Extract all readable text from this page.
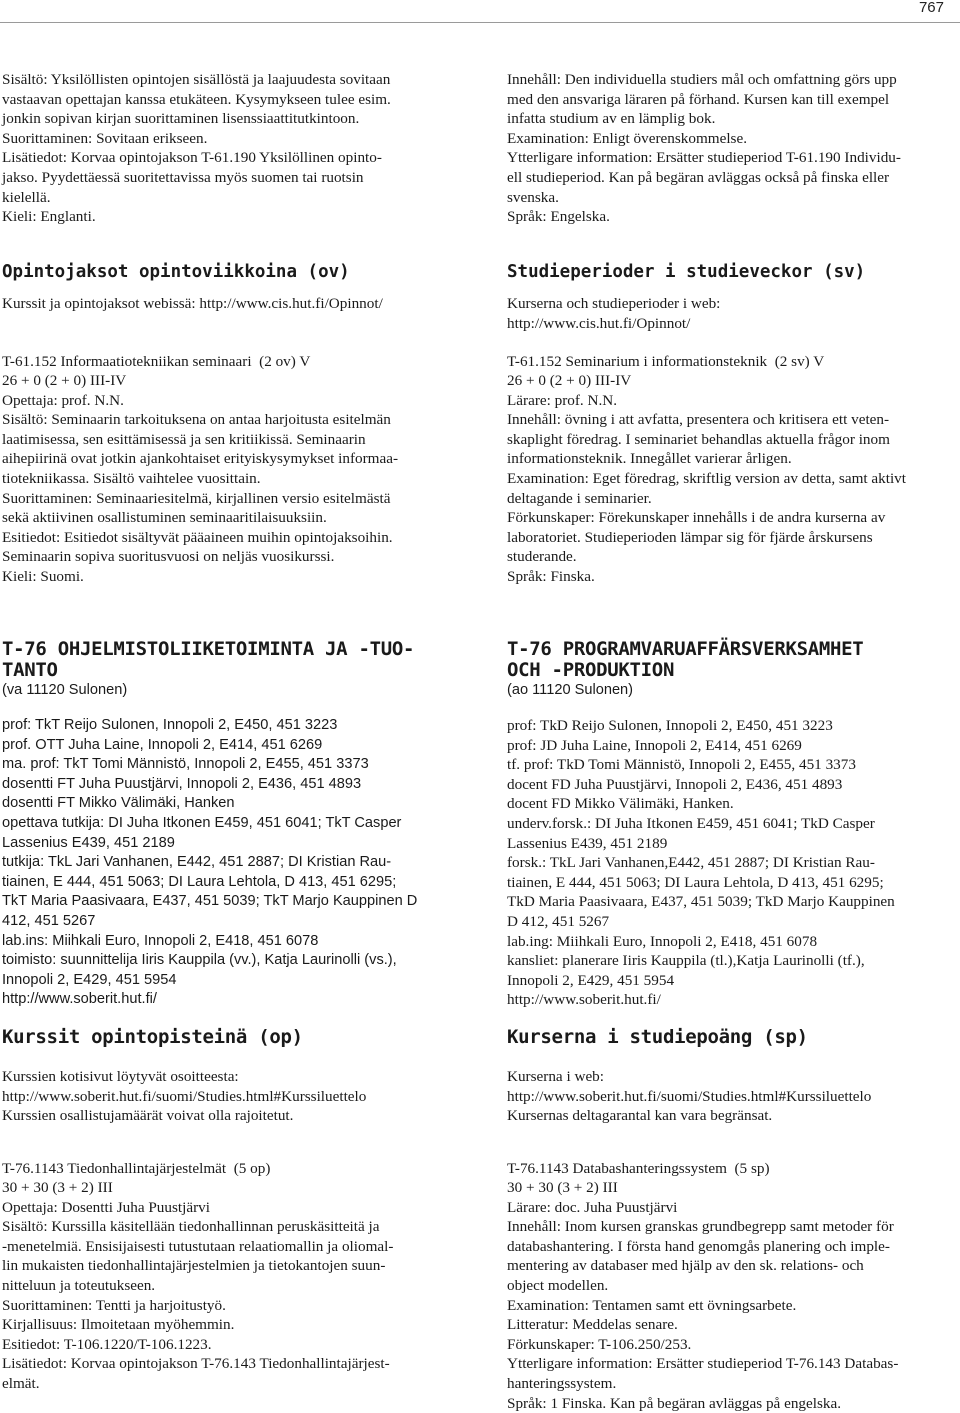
767

Sisältö: Yksilöllisten opintojen sisällöstä ja laajuudesta sovitaan

vastaavan opettajan kanssa etukäteen. Kysymykseen tulee esim.

jonkin sopivan kirjan suorittaminen lisenssiaattitutkintoon.

Suorittaminen: Sovitaan erikseen.

Lisätiedot: Korvaa opintojakson T-61.190 Yksilöllinen opinto-

jakso. Pyydettäessä suoritettavissa myös suomen tai ruotsin

kielellä.

Kieli: Englanti.

Opintojaksot opintoviikkoina (ov)

Kurssit ja opintojaksot webissä: http://www.cis.hut.fi/Opinnot/

T-61.152 Informaatiotekniikan seminaari (2 ov) V

26 + 0 (2 + 0) III-IV

Opettaja: prof. N.N.

Sisältö: Seminaarin tarkoituksena on antaa harjoitusta esitelmän

laatimisessa, sen esittämisessä ja sen kritiikissä. Seminaarin

aihepiirinä ovat jotkin ajankohtaiset erityiskysymykset informaa-

tiotekniikassa. Sisältö vaihtelee vuosittain.

Suorittaminen: Seminaariesitelmä, kirjallinen versio esitelmästä

sekä aktiivinen osallistuminen seminaaritilaisuuksiin.

Esitiedot: Esitiedot sisältyvät pääaineen muihin opintojaksoihin.

Seminaarin sopiva suoritusvuosi on neljäs vuosikurssi.

Kieli: Suomi.

T-76 OHJELMISTOLIIKETOIMINTA JA -TUO-
TANTO

(va 11120 Sulonen)

prof: TkT Reijo Sulonen, Innopoli 2, E450, 451 3223

prof. OTT Juha Laine, Innopoli 2, E414, 451 6269

ma. prof: TkT Tomi Männistö, Innopoli 2, E455, 451 3373

dosentti FT Juha Puustjärvi, Innopoli 2, E436, 451 4893

dosentti FT Mikko Välimäki, Hanken

opettava tutkija: DI Juha Itkonen E459, 451 6041; TkT Casper

Lassenius E439, 451 2189

tutkija: TkL Jari Vanhanen, E442, 451 2887; DI Kristian Rau-

tiainen, E 444, 451 5063; DI Laura Lehtola, D 413, 451 6295;

TkT Maria Paasivaara, E437, 451 5039; TkT Marjo Kauppinen D

412, 451 5267

lab.ins: Miihkali Euro, Innopoli 2, E418, 451 6078

toimisto: suunnittelija Iiris Kauppila (vv.), Katja Laurinolli (vs.),

Innopoli 2, E429, 451 5954

http://www.soberit.hut.fi/

Kurssit opintopisteinä (op)

Kurssien kotisivut löytyvät osoitteesta:

http://www.soberit.hut.fi/suomi/Studies.html#Kurssiluettelo

Kurssien osallistujamäärät voivat olla rajoitetut.

T-76.1143 Tiedonhallintajärjestelmät (5 op)

30 + 30 (3 + 2) III

Opettaja: Dosentti Juha Puustjärvi

Sisältö: Kurssilla käsitellään tiedonhallinnan peruskäsitteitä ja

-menetelmiä. Ensisijaisesti tutustutaan relaatiomallin ja oliomal-

lin mukaisten tiedonhallintajärjestelmien ja tietokantojen suun-

nitteluun ja toteutukseen.

Suorittaminen: Tentti ja harjoitustyö.

Kirjallisuus: Ilmoitetaan myöhemmin.

Esitiedot: T-106.1220/T-106.1223.

Lisätiedot: Korvaa opintojakson T-76.143 Tiedonhallintajärjest-

elmät.

Innehåll: Den individuella studiers mål och omfattning görs upp

med den ansvariga läraren på förhand. Kursen kan till exempel

infatta studium av en lämplig bok.

Examination: Enligt överenskommelse.

Ytterligare information: Ersätter studieperiod T-61.190 Individu-

ell studieperiod. Kan på begäran avläggas också på finska eller

svenska.

Språk: Engelska.

Studieperioder i studieveckor (sv)

Kurserna och studieperioder i web:

http://www.cis.hut.fi/Opinnot/

T-61.152 Seminarium i informationsteknik (2 sv) V

26 + 0 (2 + 0) III-IV

Lärare: prof. N.N.

Innehåll: övning i att avfatta, presentera och kritisera ett veten-

skaplight föredrag. I seminariet behandlas aktuella frågor inom

informationsteknik. Innegållet varierar årligen.

Examination: Eget föredrag, skriftlig version av detta, samt aktivt

deltagande i seminarier.

Förkunskaper: Förekunskaper innehålls i de andra kurserna av

laboratoriet. Studieperioden lämpar sig för fjärde årskursens

studerande.

Språk: Finska.

T-76 PROGRAMVARUAFFÄRSVERKSAMHET
OCH -PRODUKTION

(ao 11120 Sulonen)

prof: TkD Reijo Sulonen, Innopoli 2, E450, 451 3223

prof: JD Juha Laine, Innopoli 2, E414, 451 6269

tf. prof: TkD Tomi Männistö, Innopoli 2, E455, 451 3373

docent FD Juha Puustjärvi, Innopoli 2, E436, 451 4893

docent FD Mikko Välimäki, Hanken.

underv.forsk.: DI Juha Itkonen E459, 451 6041; TkD Casper

Lassenius E439, 451 2189

forsk.: TkL Jari Vanhanen,E442, 451 2887; DI Kristian Rau-

tiainen, E 444, 451 5063; DI Laura Lehtola, D 413, 451 6295;

TkD Maria Paasivaara, E437, 451 5039; TkD Marjo Kauppinen

D 412, 451 5267

lab.ing: Miihkali Euro, Innopoli 2, E418, 451 6078

kansliet: planerare Iiris Kauppila (tl.),Katja Laurinolli (tf.),

Innopoli 2, E429, 451 5954

http://www.soberit.hut.fi/

Kurserna i studiepoäng (sp)

Kurserna i web:

http://www.soberit.hut.fi/suomi/Studies.html#Kurssiluettelo

Kursernas deltagarantal kan vara begränsat.

T-76.1143 Databashanteringssystem (5 sp)

30 + 30 (3 + 2) III

Lärare: doc. Juha Puustjärvi

Innehåll: Inom kursen granskas grundbegrepp samt metoder för

databashantering. I första hand genomgås planering och imple-

mentering av databaser med hjälp av den sk. relations- och

object modellen.

Examination: Tentamen samt ett övningsarbete.

Litteratur: Meddelas senare.

Förkunskaper: T-106.250/253.

Ytterligare information: Ersätter studieperiod T-76.143 Databas-

hanteringssystem.

Språk: 1 Finska. Kan på begäran avläggas på engelska.
